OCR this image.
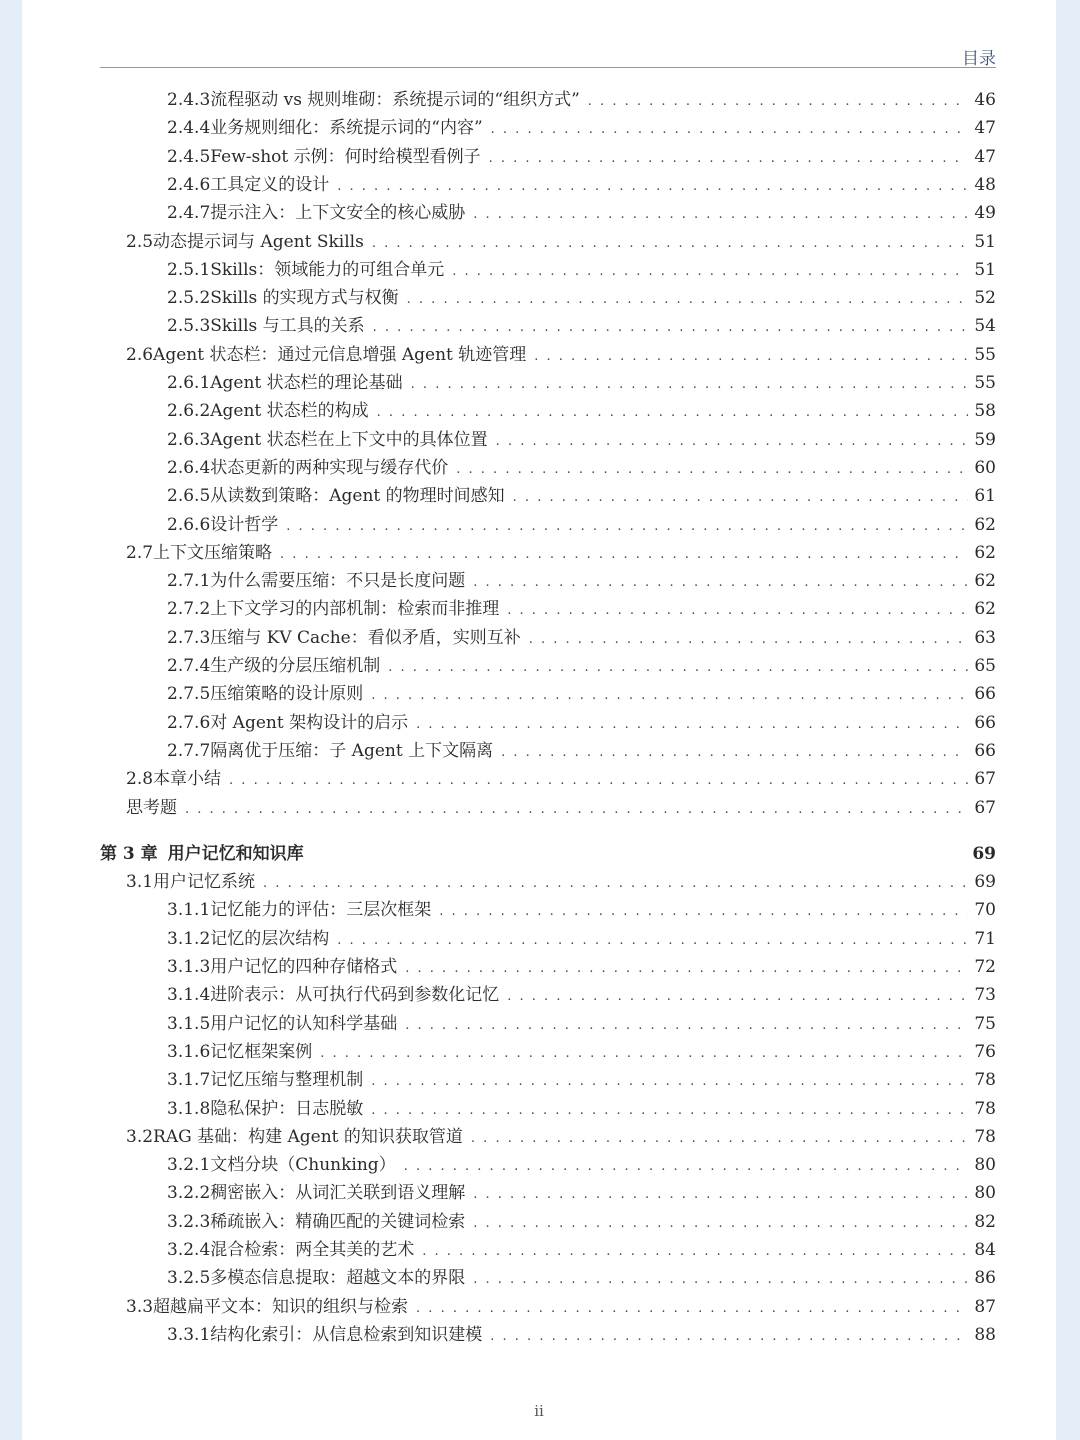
目录
2.4.3 流程驱动 vs 规则堆砌：系统提示词的“组织方式” . . .	46
2.4.4 业务规则细化：系统提示词的“内容” . . .	47
2.4.5 Few-shot 示例：何时给模型看例子 . . .	47
2.4.6 工具定义的设计 . . .	48
2.4.7 提示注入：上下文安全的核心威胁 . . .	49
2.5 动态提示词与 Agent Skills . . .	51
2.5.1 Skills：领域能力的可组合单元 . . .	51
2.5.2 Skills 的实现方式与权衡 . . .	52
2.5.3 Skills 与工具的关系 . . .	54
2.6 Agent 状态栏：通过元信息增强 Agent 轨迹管理 . . .	55
2.6.1 Agent 状态栏的理论基础 . . .	55
2.6.2 Agent 状态栏的构成 . . .	58
2.6.3 Agent 状态栏在上下文中的具体位置 . . .	59
2.6.4 状态更新的两种实现与缓存代价 . . .	60
2.6.5 从读数到策略：Agent 的物理时间感知 . . .	61
2.6.6 设计哲学 . . .	62
2.7 上下文压缩策略 . . .	62
2.7.1 为什么需要压缩：不只是长度问题 . . .	62
2.7.2 上下文学习的内部机制：检索而非推理 . . .	62
2.7.3 压缩与 KV Cache：看似矛盾，实则互补 . . .	63
2.7.4 生产级的分层压缩机制 . . .	65
2.7.5 压缩策略的设计原则 . . .	66
2.7.6 对 Agent 架构设计的启示 . . .	66
2.7.7 隔离优于压缩：子 Agent 上下文隔离 . . .	66
2.8 本章小结 . . .	67
思考题 . . .	67
第 3 章 用户记忆和知识库	69
3.1 用户记忆系统 . . .	69
3.1.1 记忆能力的评估：三层次框架 . . .	70
3.1.2 记忆的层次结构 . . .	71
3.1.3 用户记忆的四种存储格式 . . .	72
3.1.4 进阶表示：从可执行代码到参数化记忆 . . .	73
3.1.5 用户记忆的认知科学基础 . . .	75
3.1.6 记忆框架案例 . . .	76
3.1.7 记忆压缩与整理机制 . . .	78
3.1.8 隐私保护：日志脱敏 . . .	78
3.2 RAG 基础：构建 Agent 的知识获取管道 . . .	78
3.2.1 文档分块（Chunking） . . .	80
3.2.2 稠密嵌入：从词汇关联到语义理解 . . .	80
3.2.3 稀疏嵌入：精确匹配的关键词检索 . . .	82
3.2.4 混合检索：两全其美的艺术 . . .	84
3.2.5 多模态信息提取：超越文本的界限 . . .	86
3.3 超越扁平文本：知识的组织与检索 . . .	87
3.3.1 结构化索引：从信息检索到知识建模 . . .	88
ii
